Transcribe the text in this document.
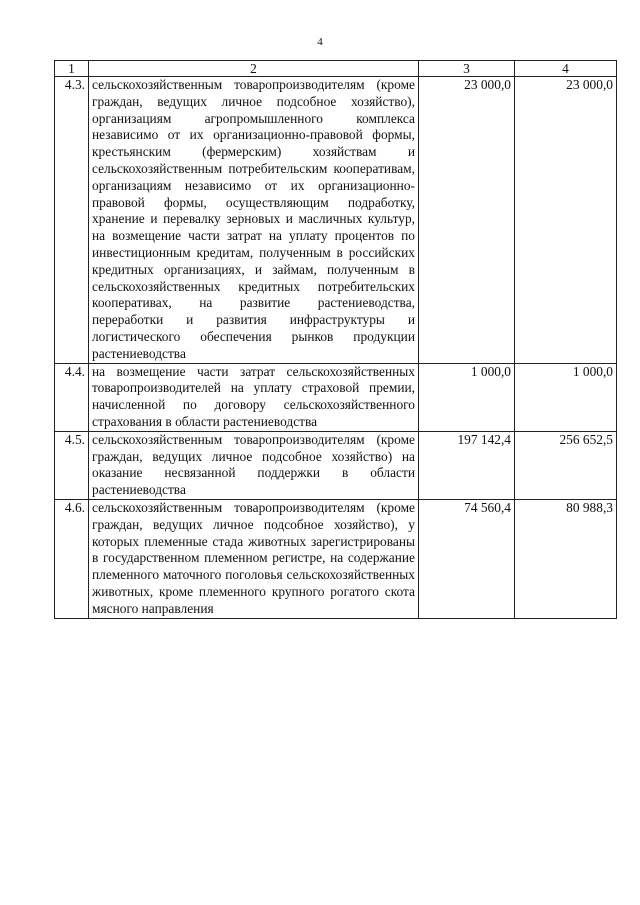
4
1	2	3	4
4.3.	сельскохозяйственным товаропроизводителям (кроме граждан, ведущих личное подсобное хозяйство), организациям агропромышленного комплекса независимо от их организационно-правовой формы, крестьянским (фермерским) хозяйствам и сельскохозяйственным потребительским кооперативам, организациям независимо от их организационно-правовой формы, осуществляющим подработку, хранение и перевалку зерновых и масличных культур, на возмещение части затрат на уплату процентов по инвестиционным кредитам, полученным в российских кредитных организациях, и займам, полученным в сельскохозяйственных кредитных потребительских кооперативах, на развитие растениеводства, переработки и развития инфраструктуры и логистического обеспечения рынков продукции растениеводства	23 000,0	23 000,0
4.4.	на возмещение части затрат сельскохозяйственных товаропроизводителей на уплату страховой премии, начисленной по договору сельскохозяйственного страхования в области растениеводства	1 000,0	1 000,0
4.5.	сельскохозяйственным товаропроизводителям (кроме граждан, ведущих личное подсобное хозяйство) на оказание несвязанной поддержки в области растениеводства	197 142,4	256 652,5
4.6.	сельскохозяйственным товаропроизводителям (кроме граждан, ведущих личное подсобное хозяйство), у которых племенные стада животных зарегистрированы в государственном племенном регистре, на содержание племенного маточного поголовья сельскохозяйственных животных, кроме племенного крупного рогатого скота мясного направления	74 560,4	80 988,3
